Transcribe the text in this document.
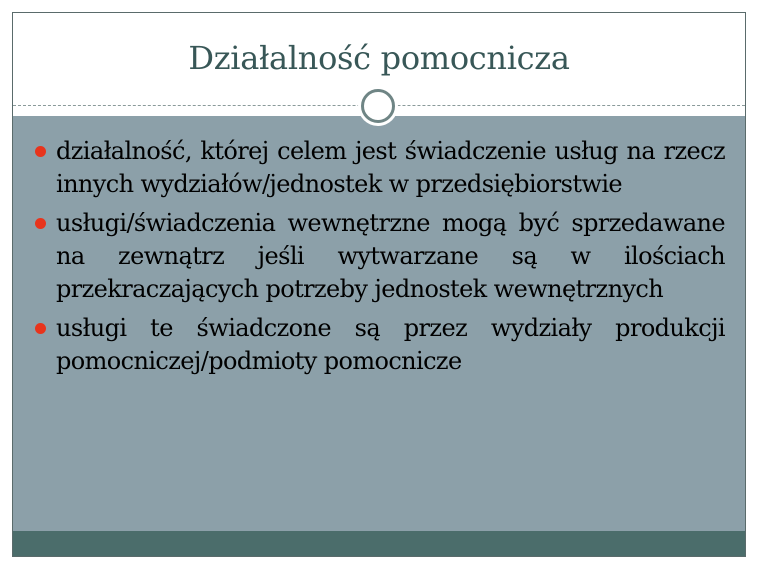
Działalność pomocnicza
działalność, której celem jest świadczenie usług na rzecz innych wydziałów/jednostek w przedsiębiorstwie
usługi/świadczenia wewnętrzne mogą być sprzedawane na zewnątrz jeśli wytwarzane są w ilościach przekraczających potrzeby jednostek wewnętrznych
usługi te świadczone są przez wydziały produkcji pomocniczej/podmioty pomocnicze
